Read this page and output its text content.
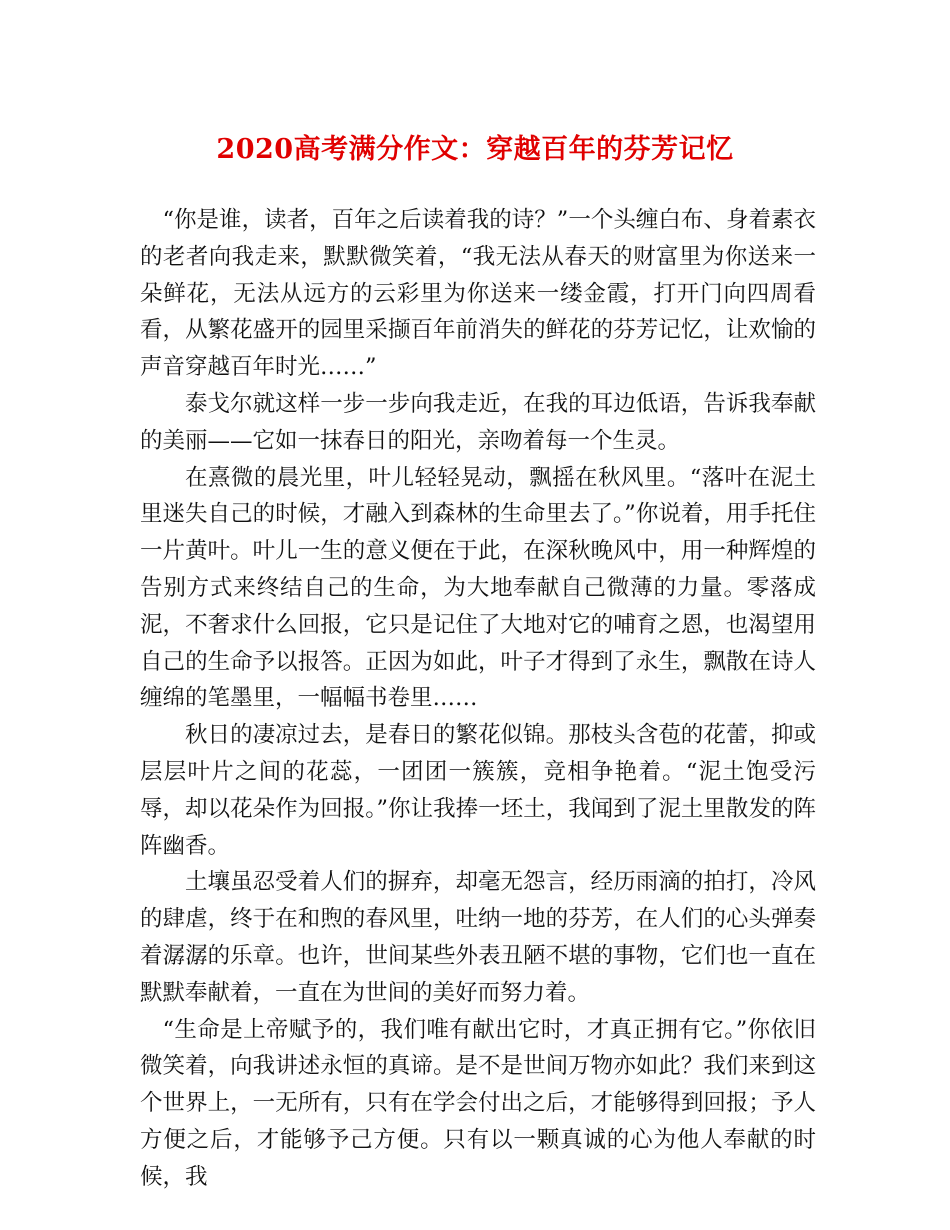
2020高考满分作文：穿越百年的芬芳记忆

“你是谁，读者，百年之后读着我的诗？”一个头缠白布、身着素衣的老者向我走来，默默微笑着，“我无法从春天的财富里为你送来一朵鲜花，无法从远方的云彩里为你送来一缕金霞，打开门向四周看看，从繁花盛开的园里采撷百年前消失的鲜花的芬芳记忆，让欢愉的声音穿越百年时光……”

泰戈尔就这样一步一步向我走近，在我的耳边低语，告诉我奉献的美丽——它如一抹春日的阳光，亲吻着每一个生灵。

在熹微的晨光里，叶儿轻轻晃动，飘摇在秋风里。“落叶在泥土里迷失自己的时候，才融入到森林的生命里去了。”你说着，用手托住一片黄叶。叶儿一生的意义便在于此，在深秋晚风中，用一种辉煌的告别方式来终结自己的生命，为大地奉献自己微薄的力量。零落成泥，不奢求什么回报，它只是记住了大地对它的哺育之恩，也渴望用自己的生命予以报答。正因为如此，叶子才得到了永生，飘散在诗人缠绵的笔墨里，一幅幅书卷里……

秋日的凄凉过去，是春日的繁花似锦。那枝头含苞的花蕾，抑或层层叶片之间的花蕊，一团团一簇簇，竞相争艳着。“泥土饱受污辱，却以花朵作为回报。”你让我捧一坯土，我闻到了泥土里散发的阵阵幽香。

土壤虽忍受着人们的摒弃，却毫无怨言，经历雨滴的拍打，冷风的肆虐，终于在和煦的春风里，吐纳一地的芬芳，在人们的心头弹奏着潺潺的乐章。也许，世间某些外表丑陋不堪的事物，它们也一直在默默奉献着，一直在为世间的美好而努力着。

“生命是上帝赋予的，我们唯有献出它时，才真正拥有它。”你依旧微笑着，向我讲述永恒的真谛。是不是世间万物亦如此？我们来到这个世界上，一无所有，只有在学会付出之后，才能够得到回报；予人方便之后，才能够予己方便。只有以一颗真诚的心为他人奉献的时候，我
